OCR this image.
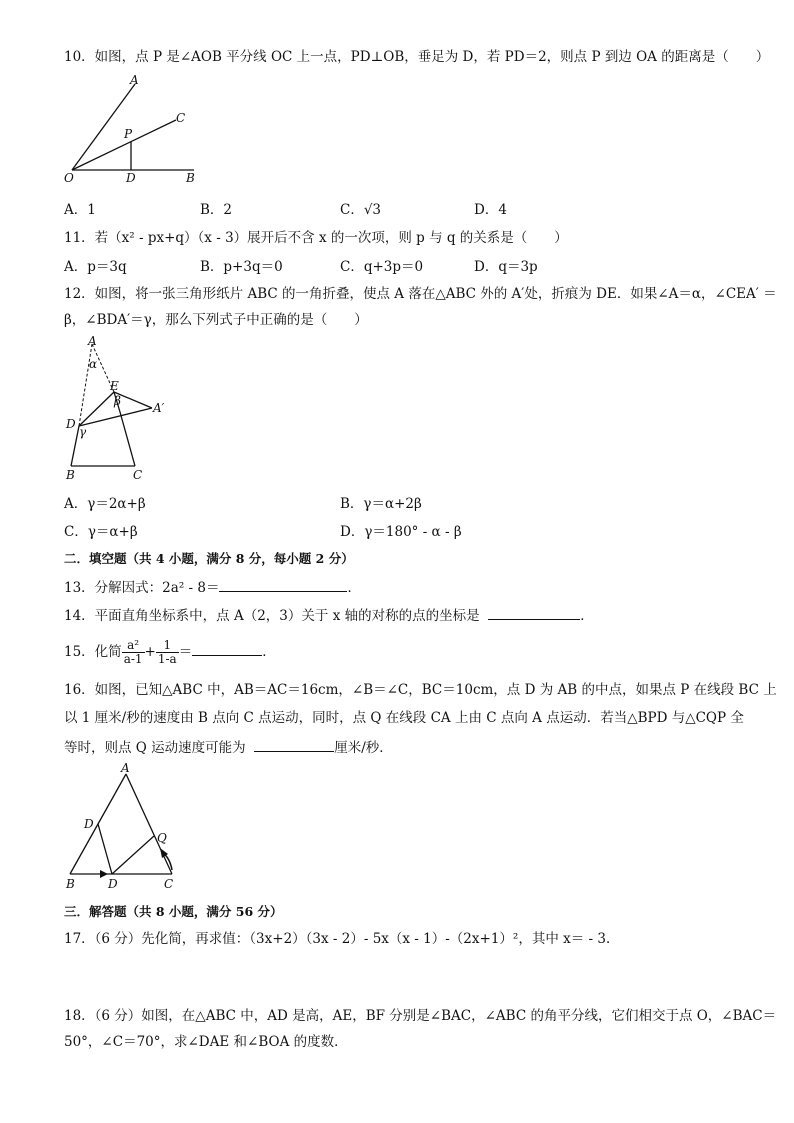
10．如图，点 P 是∠AOB 平分线 OC 上一点，PD⊥OB，垂足为 D，若 PD＝2，则点 P 到边 OA 的距离是（　　）
A
C
P
O	D	B
A．1	B．2	C．√3	D．4
11．若（x² - px+q）（x - 3）展开后不含 x 的一次项，则 p 与 q 的关系是（　　）
A．p＝3q	B．p+3q＝0	C．q+3p＝0	D．q＝3p
12．如图，将一张三角形纸片 ABC 的一角折叠，使点 A 落在△ABC 外的 A′处，折痕为 DE．如果∠A＝α，∠CEA′ ＝
β，∠BDA′＝γ，那么下列式子中正确的是（　　）
A
α
E
β	A′
D
γ
B	C
A．γ＝2α+β	B．γ＝α+2β
C．γ＝α+β	D．γ＝180° - α - β
二．填空题（共 4 小题，满分 8 分，每小题 2 分）
13．分解因式：2a² - 8＝	．
14．平面直角坐标系中，点 A（2，3）关于 x 轴的对称的点的坐标是	．
15．化简 $\frac{\text{a²}}{a-1} + \frac{1}{1-a}$ ＝	．
16．如图，已知△ABC 中，AB＝AC＝16cm，∠B＝∠C，BC＝10cm，点 D 为 AB 的中点，如果点 P 在线段 BC 上
以 1 厘米/秒的速度由 B 点向 C 点运动，同时，点 Q 在线段 CA 上由 C 点向 A 点运动．若当△BPD 与△CQP 全
等时，则点 Q 运动速度可能为	厘米/秒．
A
D
Q
B	D	C
三．解答题（共 8 小题，满分 56 分）
17．（6 分）先化简，再求值：（3x+2）（3x - 2）- 5x（x - 1）-（2x+1）²，其中 x＝ - 3．
18．（6 分）如图，在△ABC 中，AD 是高，AE，BF 分别是∠BAC，∠ABC 的角平分线，它们相交于点 O，∠BAC＝
50°，∠C＝70°，求∠DAE 和∠BOA 的度数．
